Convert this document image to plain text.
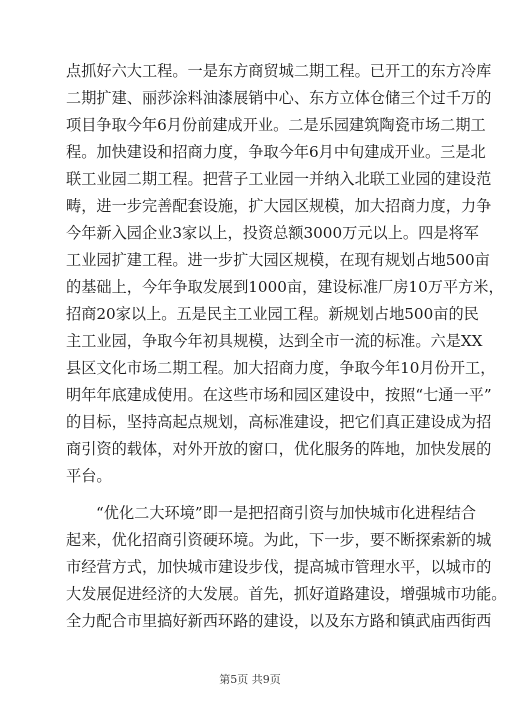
点抓好六大工程。一是东方商贸城二期工程。已开工的东方冷库
二期扩建、丽莎涂料油漆展销中心、东方立体仓储三个过千万的
项目争取今年6月份前建成开业。二是乐园建筑陶瓷市场二期工
程。加快建设和招商力度，争取今年6月中旬建成开业。三是北
联工业园二期工程。把营子工业园一并纳入北联工业园的建设范
畴，进一步完善配套设施，扩大园区规模，加大招商力度，力争
今年新入园企业3家以上，投资总额3000万元以上。四是将军
工业园扩建工程。进一步扩大园区规模，在现有规划占地500亩
的基础上，今年争取发展到1000亩，建设标准厂房10万平方米，
招商20家以上。五是民主工业园工程。新规划占地500亩的民
主工业园，争取今年初具规模，达到全市一流的标准。六是XX
县区文化市场二期工程。加大招商力度，争取今年10月份开工，
明年年底建成使用。在这些市场和园区建设中，按照“七通一平”
的目标，坚持高起点规划，高标准建设，把它们真正建设成为招
商引资的载体，对外开放的窗口，优化服务的阵地，加快发展的
平台。
“优化二大环境”即一是把招商引资与加快城市化进程结合
起来，优化招商引资硬环境。为此，下一步，要不断探索新的城
市经营方式，加快城市建设步伐，提高城市管理水平，以城市的
大发展促进经济的大发展。首先，抓好道路建设，增强城市功能。
全力配合市里搞好新西环路的建设，以及东方路和镇武庙西街西
第5页 共9页
